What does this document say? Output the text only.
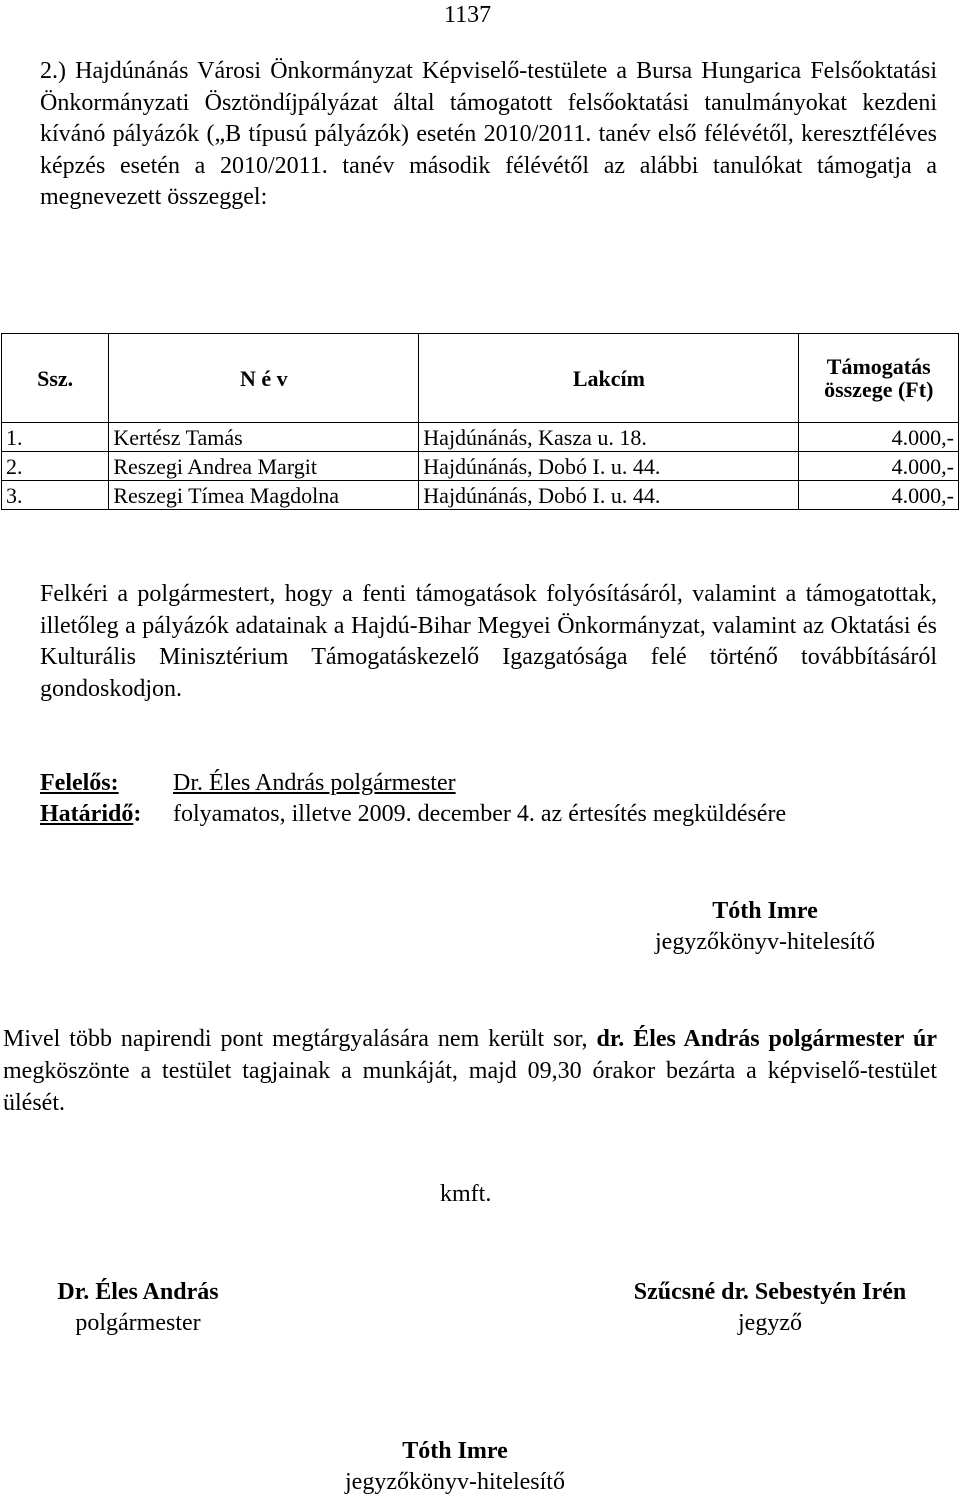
1137

2.) Hajdúnánás Városi Önkormányzat Képviselő-testülete a Bursa Hungarica Felsőoktatási Önkormányzati Ösztöndíjpályázat által támogatott felsőoktatási tanulmányokat kezdeni kívánó pályázók („B típusú pályázók) esetén 2010/2011. tanév első félévétől, keresztféléves képzés esetén a 2010/2011. tanév második félévétől az alábbi tanulókat támogatja a megnevezett összeggel:

Ssz.	N é v	Lakcím	Támogatás összege (Ft)
1.	Kertész Tamás	Hajdúnánás, Kasza u. 18.	4.000,-
2.	Reszegi Andrea Margit	Hajdúnánás, Dobó I. u. 44.	4.000,-
3.	Reszegi Tímea Magdolna	Hajdúnánás, Dobó I. u. 44.	4.000,-

Felkéri a polgármestert, hogy a fenti támogatások folyósításáról, valamint a támogatottak, illetőleg a pályázók adatainak a Hajdú-Bihar Megyei Önkormányzat, valamint az Oktatási és Kulturális Minisztérium Támogatáskezelő Igazgatósága felé történő továbbításáról gondoskodjon.

Felelős:	Dr. Éles András polgármester
Határidő:	folyamatos, illetve 2009. december 4. az értesítés megküldésére
Tóth Imre
jegyzőkönyv-hitelesítő

Mivel több napirendi pont megtárgyalására nem került sor, dr. Éles András polgármester úr megköszönte a testület tagjainak a munkáját, majd 09,30 órakor bezárta a képviselő-testület ülését.

kmft.
Dr. Éles András
polgármester
Szűcsné dr. Sebestyén Irén
jegyző
Tóth Imre
jegyzőkönyv-hitelesítő
